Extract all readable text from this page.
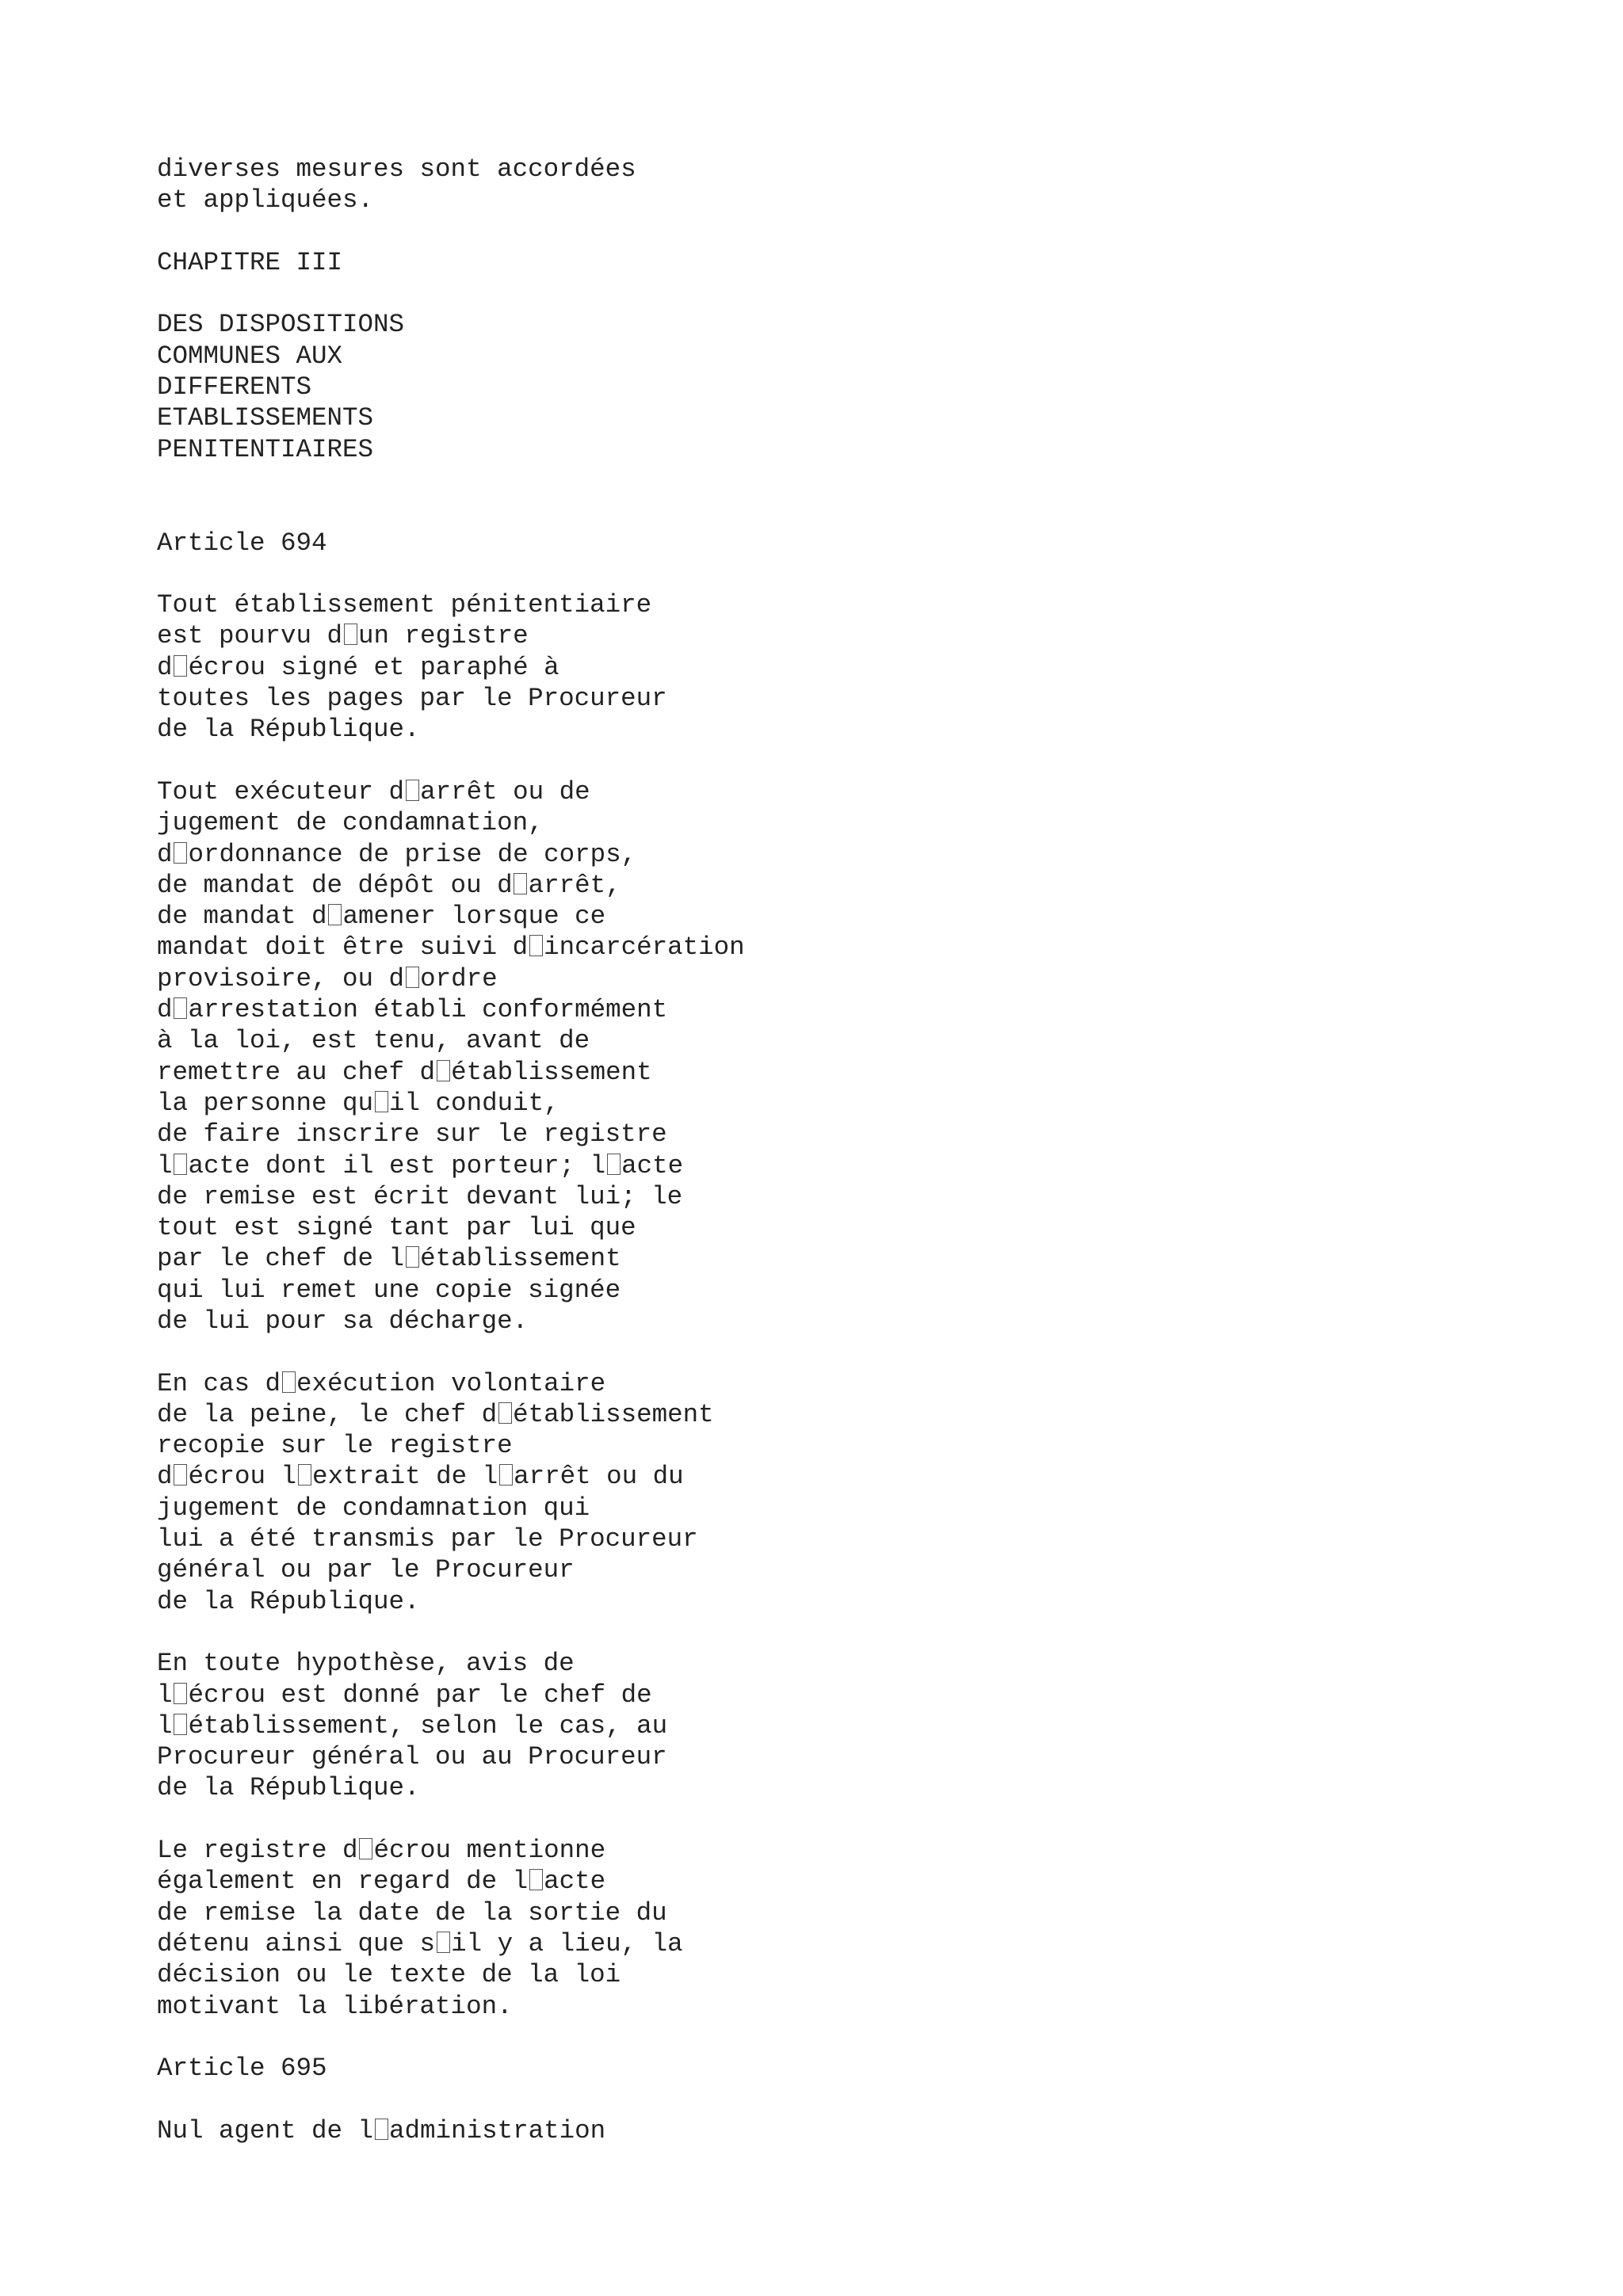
diverses mesures sont accordées
et appliquées.
CHAPITRE III
DES DISPOSITIONS
COMMUNES AUX
DIFFERENTS
ETABLISSEMENTS
PENITENTIAIRES
Article 694
Tout établissement pénitentiaire
est pourvu d un registre
d écrou signé et paraphé à
toutes les pages par le Procureur
de la République.
Tout exécuteur d arrêt ou de
jugement de condamnation,
d ordonnance de prise de corps,
de mandat de dépôt ou d arrêt,
de mandat d amener lorsque ce
mandat doit être suivi d incarcération
provisoire, ou d ordre
d arrestation établi conformément
à la loi, est tenu, avant de
remettre au chef d établissement
la personne qu il conduit,
de faire inscrire sur le registre
l acte dont il est porteur; l acte
de remise est écrit devant lui; le
tout est signé tant par lui que
par le chef de l établissement
qui lui remet une copie signée
de lui pour sa décharge.
En cas d exécution volontaire
de la peine, le chef d établissement
recopie sur le registre
d écrou l extrait de l arrêt ou du
jugement de condamnation qui
lui a été transmis par le Procureur
général ou par le Procureur
de la République.
En toute hypothèse, avis de
l écrou est donné par le chef de
l établissement, selon le cas, au
Procureur général ou au Procureur
de la République.
Le registre d écrou mentionne
également en regard de l acte
de remise la date de la sortie du
détenu ainsi que s il y a lieu, la
décision ou le texte de la loi
motivant la libération.
Article 695
Nul agent de l administration
